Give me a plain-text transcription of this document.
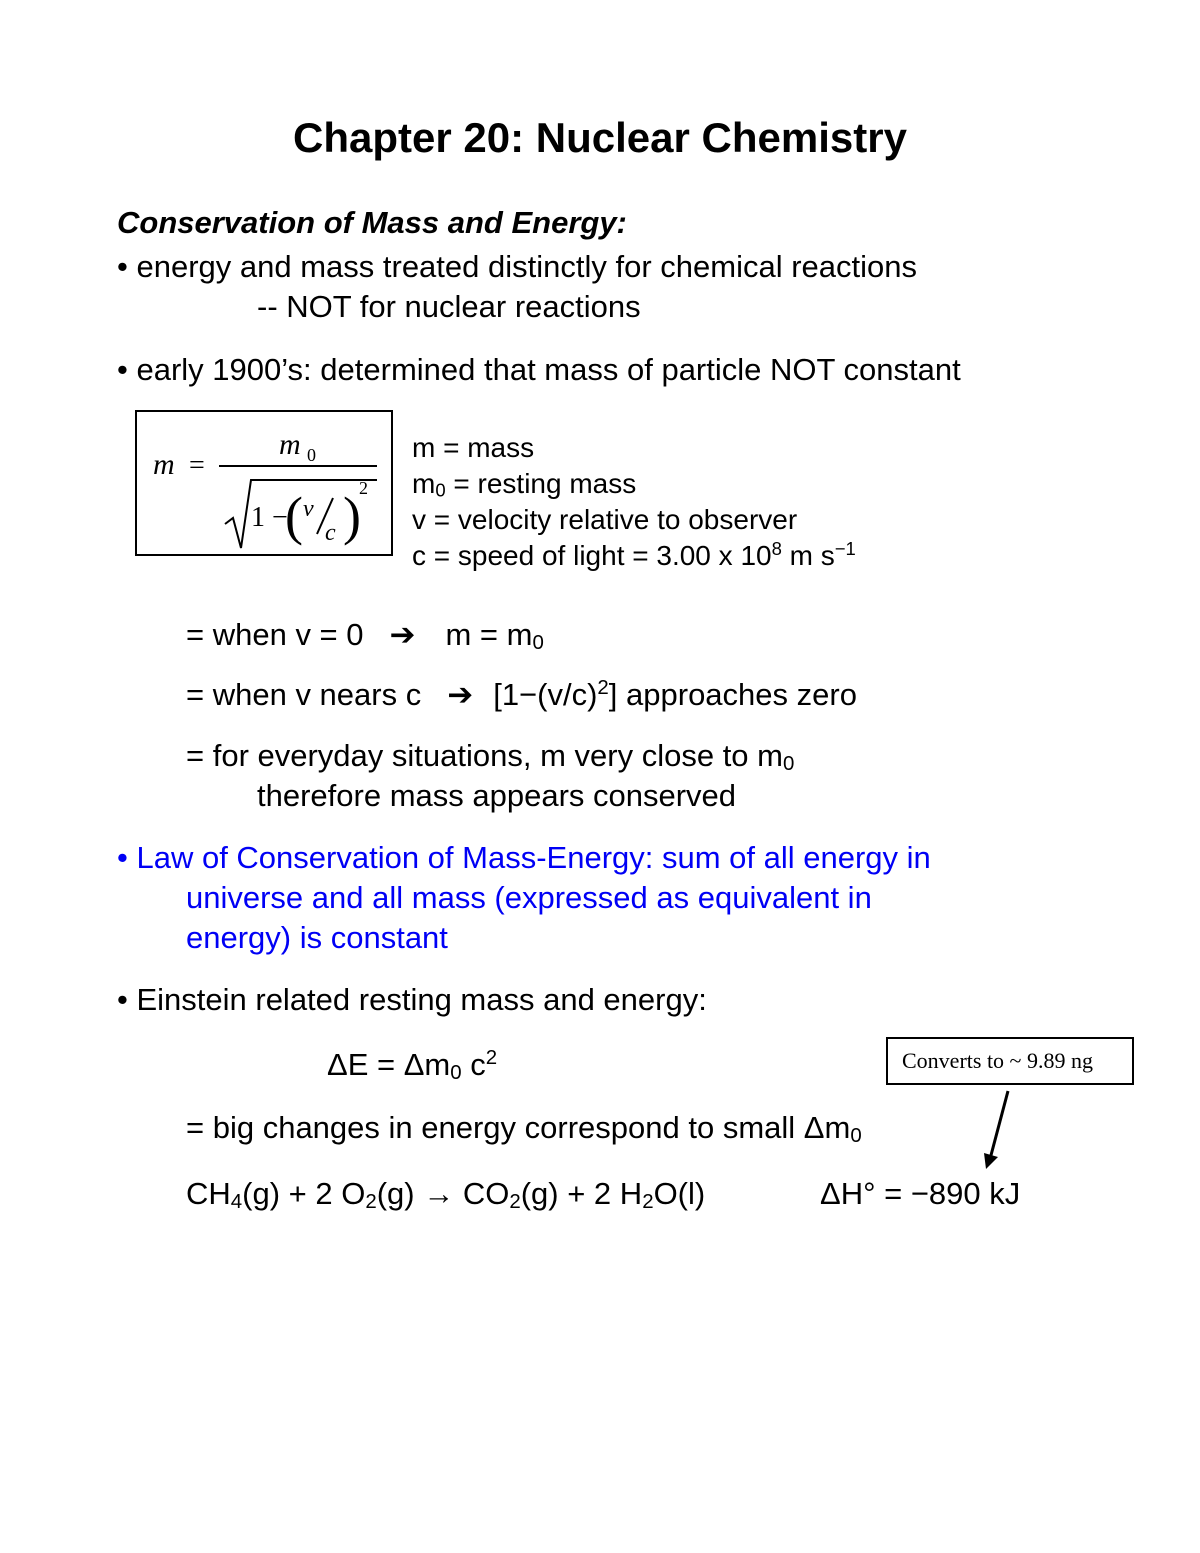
Chapter 20: Nuclear Chemistry
Conservation of Mass and Energy:
• energy and mass treated distinctly for chemical reactions
-- NOT for nuclear reactions
• early 1900’s: determined that mass of particle NOT constant
m =
m 0
1 −
( v
c )
2
m = mass
$m_0$ = resting mass
v = velocity relative to observer
c = speed of light = 3.00 x $10^8$ m $s^{-1}$
= when v = 0 ➔ $m = m_0$
= when v nears c ➔ $[1-(v/c)^2]$ approaches zero
= for everyday situations, m very close to $m_0$
therefore mass appears conserved
• Law of Conservation of Mass-Energy: sum of all energy in
universe and all mass (expressed as equivalent in
energy) is constant
• Einstein related resting mass and energy:
$\Delta E = \Delta m_0$ $c^2$
= big changes in energy correspond to small $\Delta m_0$
$CH_4(g) + 2$ $O_2(g) \to CO_2(g) + 2$ $H_2O(l)$	ΔH° = −890 kJ
Converts to ~ 9.89 ng
